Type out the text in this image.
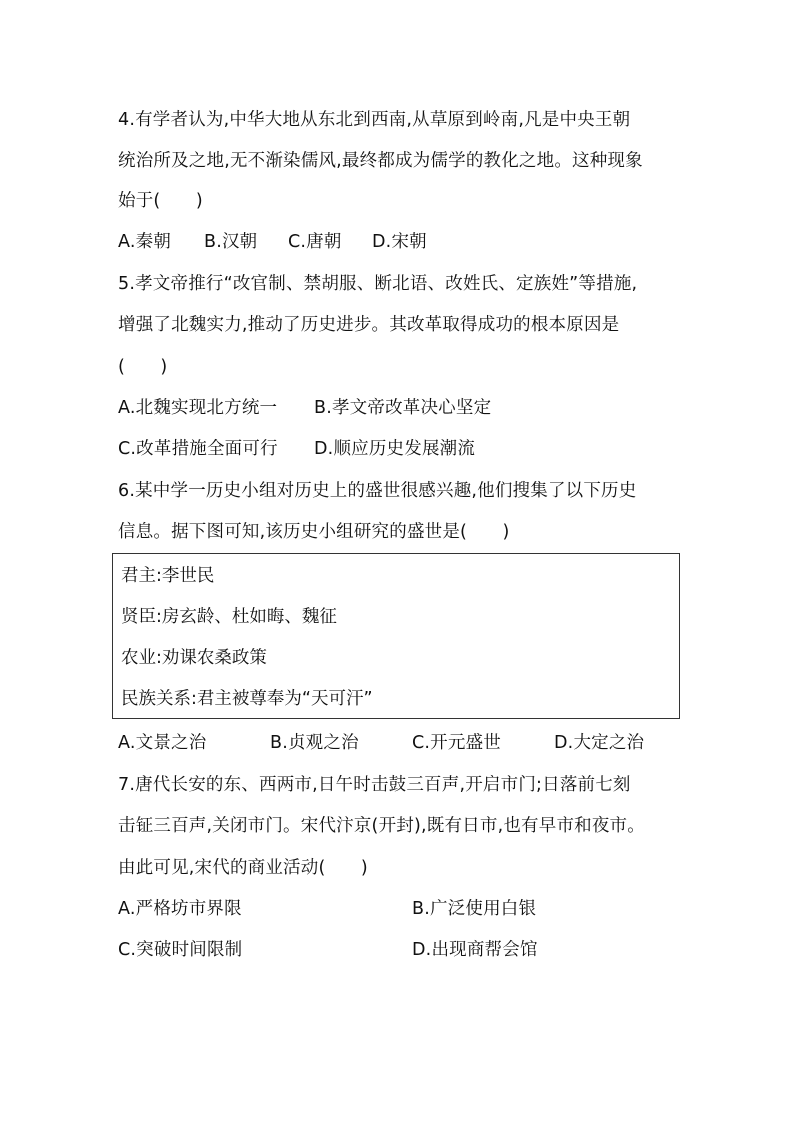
4.有学者认为,中华大地从东北到西南,从草原到岭南,凡是中央王朝
统治所及之地,无不渐染儒风,最终都成为儒学的教化之地。这种现象
始于(　　)
A.秦朝	B.汉朝	C.唐朝	D.宋朝
5.孝文帝推行“改官制、禁胡服、断北语、改姓氏、定族姓”等措施,
增强了北魏实力,推动了历史进步。其改革取得成功的根本原因是
(　　)
A.北魏实现北方统一	B.孝文帝改革决心坚定
C.改革措施全面可行	D.顺应历史发展潮流
6.某中学一历史小组对历史上的盛世很感兴趣,他们搜集了以下历史
信息。据下图可知,该历史小组研究的盛世是(　　)
君主:李世民
贤臣:房玄龄、杜如晦、魏征
农业:劝课农桑政策
民族关系:君主被尊奉为“天可汗”
A.文景之治	B.贞观之治	C.开元盛世	D.大定之治
7.唐代长安的东、西两市,日午时击鼓三百声,开启市门;日落前七刻
击钲三百声,关闭市门。宋代汴京(开封),既有日市,也有早市和夜市。
由此可见,宋代的商业活动(　　)
A.严格坊市界限	B.广泛使用白银
C.突破时间限制	D.出现商帮会馆
